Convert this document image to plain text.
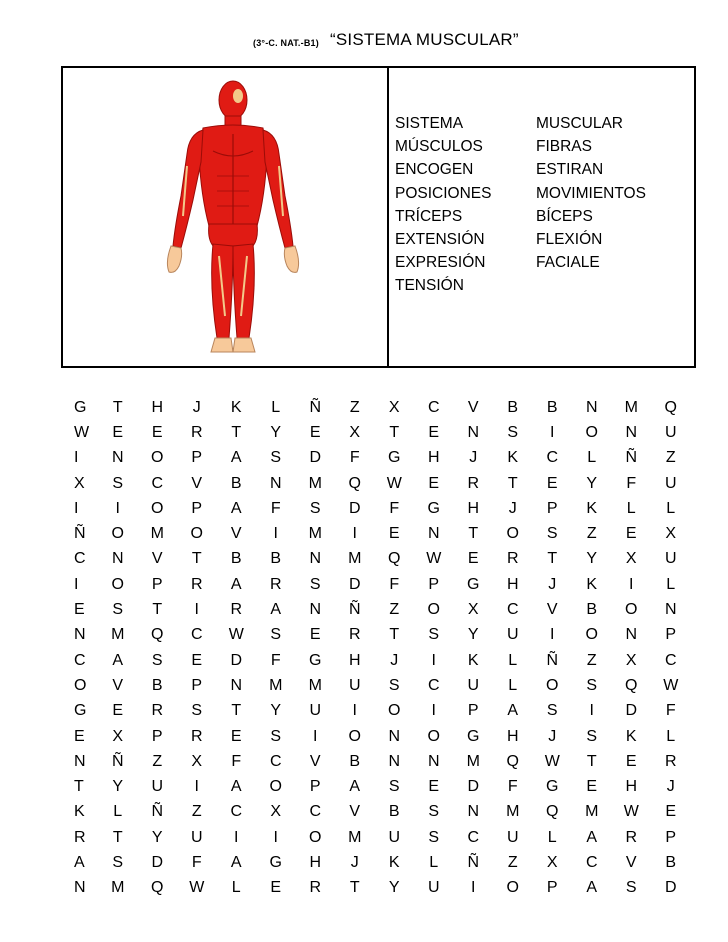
(3°-C. NAT.-B1) “SISTEMA MUSCULAR”
SISTEMA	MUSCULAR
MÚSCULOS	FIBRAS
ENCOGEN	ESTIRAN
POSICIONES	MOVIMIENTOS
TRÍCEPS	BÍCEPS
EXTENSIÓN	FLEXIÓN
EXPRESIÓN	FACIALE
TENSIÓN
G	T	H	J	K	L	Ñ	Z	X	C	V	B	B	N	M	Q
W	E	E	R	T	Y	E	X	T	E	N	S	I	O	N	U
I	N	O	P	A	S	D	F	G	H	J	K	C	L	Ñ	Z
X	S	C	V	B	N	M	Q	W	E	R	T	E	Y	F	U
I	I	O	P	A	F	S	D	F	G	H	J	P	K	L	L
Ñ	O	M	O	V	I	M	I	E	N	T	O	S	Z	E	X
C	N	V	T	B	B	N	M	Q	W	E	R	T	Y	X	U
I	O	P	R	A	R	S	D	F	P	G	H	J	K	I	L
E	S	T	I	R	A	N	Ñ	Z	O	X	C	V	B	O	N
N	M	Q	C	W	S	E	R	T	S	Y	U	I	O	N	P
C	A	S	E	D	F	G	H	J	I	K	L	Ñ	Z	X	C
O	V	B	P	N	M	M	U	S	C	U	L	O	S	Q	W
G	E	R	S	T	Y	U	I	O	I	P	A	S	I	D	F
E	X	P	R	E	S	I	O	N	O	G	H	J	S	K	L
N	Ñ	Z	X	F	C	V	B	N	N	M	Q	W	T	E	R
T	Y	U	I	A	O	P	A	S	E	D	F	G	E	H	J
K	L	Ñ	Z	C	X	C	V	B	S	N	M	Q	M	W	E
R	T	Y	U	I	I	O	M	U	S	C	U	L	A	R	P
A	S	D	F	A	G	H	J	K	L	Ñ	Z	X	C	V	B
N	M	Q	W	L	E	R	T	Y	U	I	O	P	A	S	D
